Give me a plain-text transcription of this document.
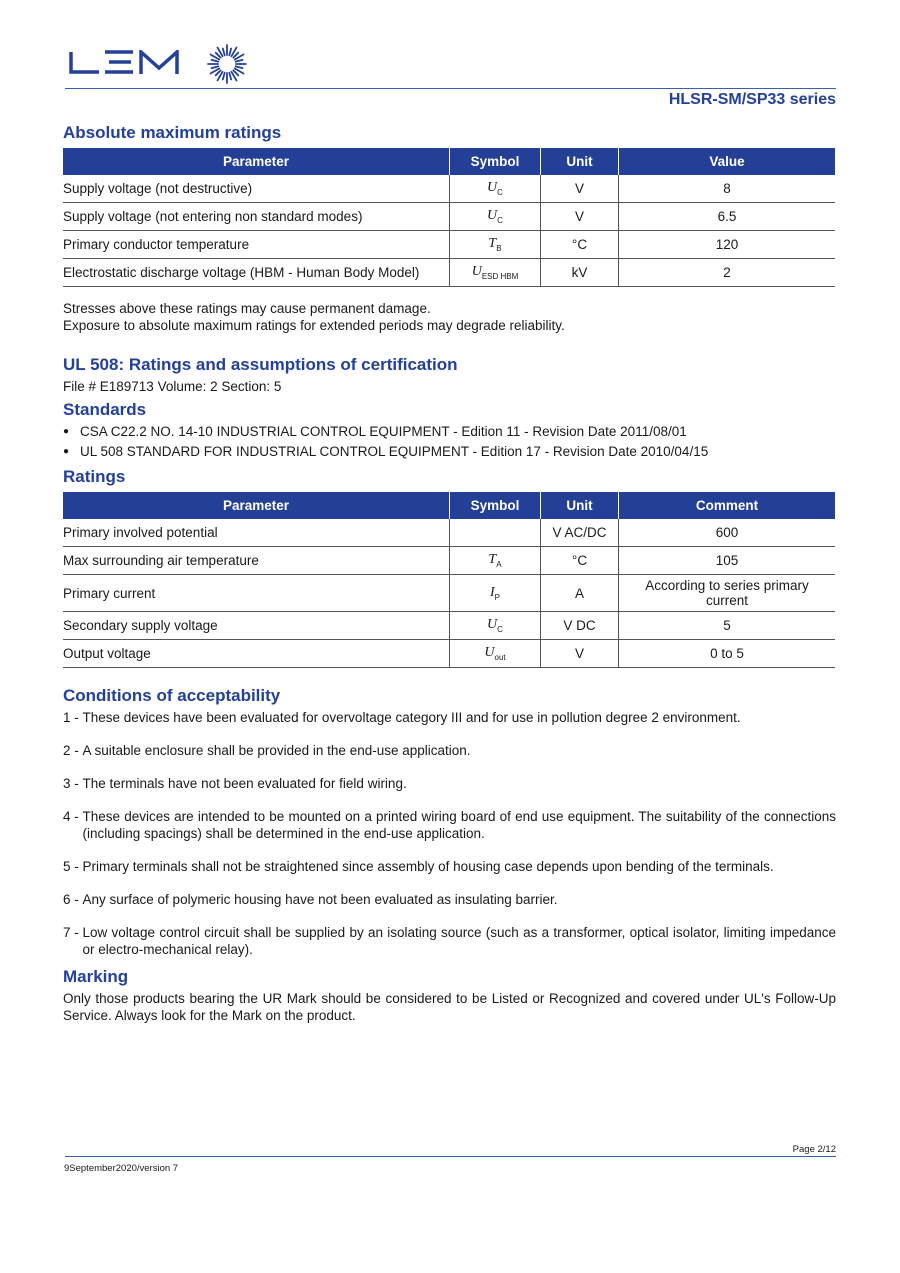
HLSR-SM/SP33 series
Absolute maximum ratings
Parameter	Symbol	Unit	Value
Supply voltage (not destructive)	$U_C$	V	8
Supply voltage (not entering non standard modes)	$U_C$	V	6.5
Primary conductor temperature	$T_B$	°C	120
Electrostatic discharge voltage (HBM - Human Body Model)	$U_{ESD HBM}$	kV	2

Stresses above these ratings may cause permanent damage.

Exposure to absolute maximum ratings for extended periods may degrade reliability.

UL 508: Ratings and assumptions of certification

File # E189713 Volume: 2 Section: 5

Standards
● CSA C22.2 NO. 14-10 INDUSTRIAL CONTROL EQUIPMENT - Edition 11 - Revision Date 2011/08/01
● UL 508 STANDARD FOR INDUSTRIAL CONTROL EQUIPMENT - Edition 17 - Revision Date 2010/04/15
Ratings
Parameter	Symbol	Unit	Comment
Primary involved potential		V AC/DC	600
Max surrounding air temperature	$T_A$	°C	105
Primary current	$I_P$	A	According to series primary current
Secondary supply voltage	$U_C$	V DC	5
Output voltage	$U_{out}$	V	0 to 5
Conditions of acceptability
1 - These devices have been evaluated for overvoltage category III and for use in pollution degree 2 environment.
2 - A suitable enclosure shall be provided in the end-use application.
3 - The terminals have not been evaluated for field wiring.
4 - These devices are intended to be mounted on a printed wiring board of end use equipment. The suitability of the connections (including spacings) shall be determined in the end-use application.
5 - Primary terminals shall not be straightened since assembly of housing case depends upon bending of the terminals.
6 - Any surface of polymeric housing have not been evaluated as insulating barrier.
7 - Low voltage control circuit shall be supplied by an isolating source (such as a transformer, optical isolator, limiting impedance or electro-mechanical relay).
Marking

Only those products bearing the UR Mark should be considered to be Listed or Recognized and covered under UL's Follow-Up Service. Always look for the Mark on the product.

Page 2/12
9September2020/version 7
